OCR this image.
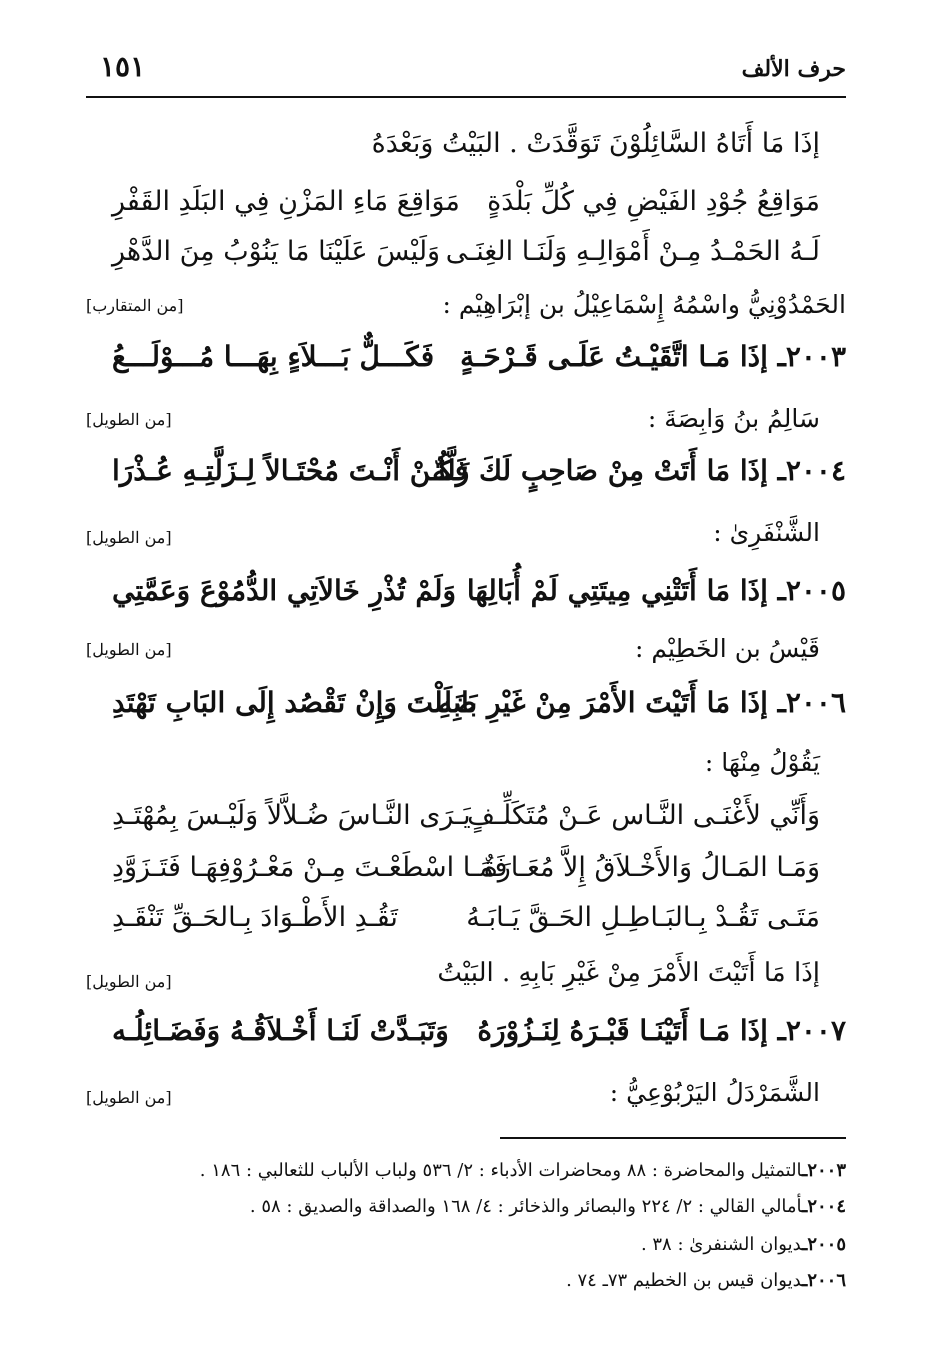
حرف الألف
١٥١
إذَا مَا أَتَاهُ السَّائِلُوْنَ تَوَقَّدَتْ . البَيْتُ وَبَعْدَهُ
مَوَاقِعُ جُوْدِ الفَيْضِ فِي كُلِّ بَلْدَةٍ
مَوَاقِعَ مَاءِ المَزْنِ فِي البَلَدِ القَفْرِ
لَـهُ الحَمْـدُ مِـنْ أَمْوَالِـهِ وَلَنَـا الغِنَـى
وَلَيْسَ عَلَيْنَا مَا يَنُوْبُ مِنَ الدَّهْرِ
الحَمْدُوْنِيُّ واسْمُهُ إِسْمَاعِيْلُ بن إبْرَاهِيْم :
[من المتقارب]
٢٠٠٣ـ إذَا مَـا اتَّقَيْـتُ عَلَـى قَـرْحَـةٍ
فَكَـــلٌّ بَـــلاَءٍ بِهَـــا مُـــوْلَـــعُ
سَالِمُ بنُ وَابِصَةَ :
[من الطويل]
٢٠٠٤ـ إذَا مَا أَتَتْ مِنْ صَاحِبٍ لَكَ زَلَّةٌ
فَكُـنْ أَنْـتَ مُحْتَـالاً لِـزَلَّتِـهِ عُـذْرَا
الشَّنْفَرِىٰ :
[من الطويل]
٢٠٠٥ـ إذَا مَا أَتَتْنِي مِيتَتِي لَمْ أُبَالِهَا
وَلَمْ تُذْرِ خَالاَتِي الدُّمُوْعَ وَعَمَّتِي
قَيْسُ بن الخَطِيْم :
[من الطويل]
٢٠٠٦ـ إذَا مَا أَتَيْتَ الأَمْرَ مِنْ غَيْرِ بَابِهِ
ضَلَلْتَ وَإِنْ تَقْصُد إِلَى البَابِ تَهْتَدِ
يَقُوْلُ مِنْهَا :
وَأَنِّي لأَغْنَـى النَّـاس عَـنْ مُتَكَلِّـفٍ
يَـرَى النَّـاسَ ضُـلاَّلاً وَلَيْـسَ بِمُهْتَـدِ
وَمَـا المَـالُ وَالأَخْـلاَقُ إِلاَّ مُعَـارَةٌ
فَمَـا اسْطَعْـتَ مِـنْ مَعْـرُوْفِهَـا فَتَـزَوَّدِ
مَتَـى تَقُـدْ بِـالبَـاطِـلِ الحَـقَّ يَـابَـهُ
تَقُـدِ الأَطْـوَادَ بِـالحَـقِّ تَنْقَـدِ
إذَا مَا أَتَيْتَ الأَمْرَ مِنْ غَيْرِ بَابِهِ . البَيْتُ
[من الطويل]
٢٠٠٧ـ إذَا مَـا أَتَيْنَـا قَبْـرَهُ لِنَـزُوْرَهُ
وَتَبَـدَّتْ لَنَـا أَخْـلاَقُـهُ وَفَضَـائِلُـه
الشَّمَرْدَلُ اليَرْبُوْعِيُّ :
[من الطويل]
٢٠٠٣ـالتمثيل والمحاضرة : ٨٨ ومحاضرات الأدباء : ٢/ ٥٣٦ ولباب الألباب للثعالبي : ١٨٦ .
٢٠٠٤ـأمالي القالي : ٢/ ٢٢٤ والبصائر والذخائر : ٤/ ١٦٨ والصداقة والصديق : ٥٨ .
٢٠٠٥ـديوان الشنفرىٰ : ٣٨ .
٢٠٠٦ـديوان قيس بن الخطيم ٧٣ـ ٧٤ .
